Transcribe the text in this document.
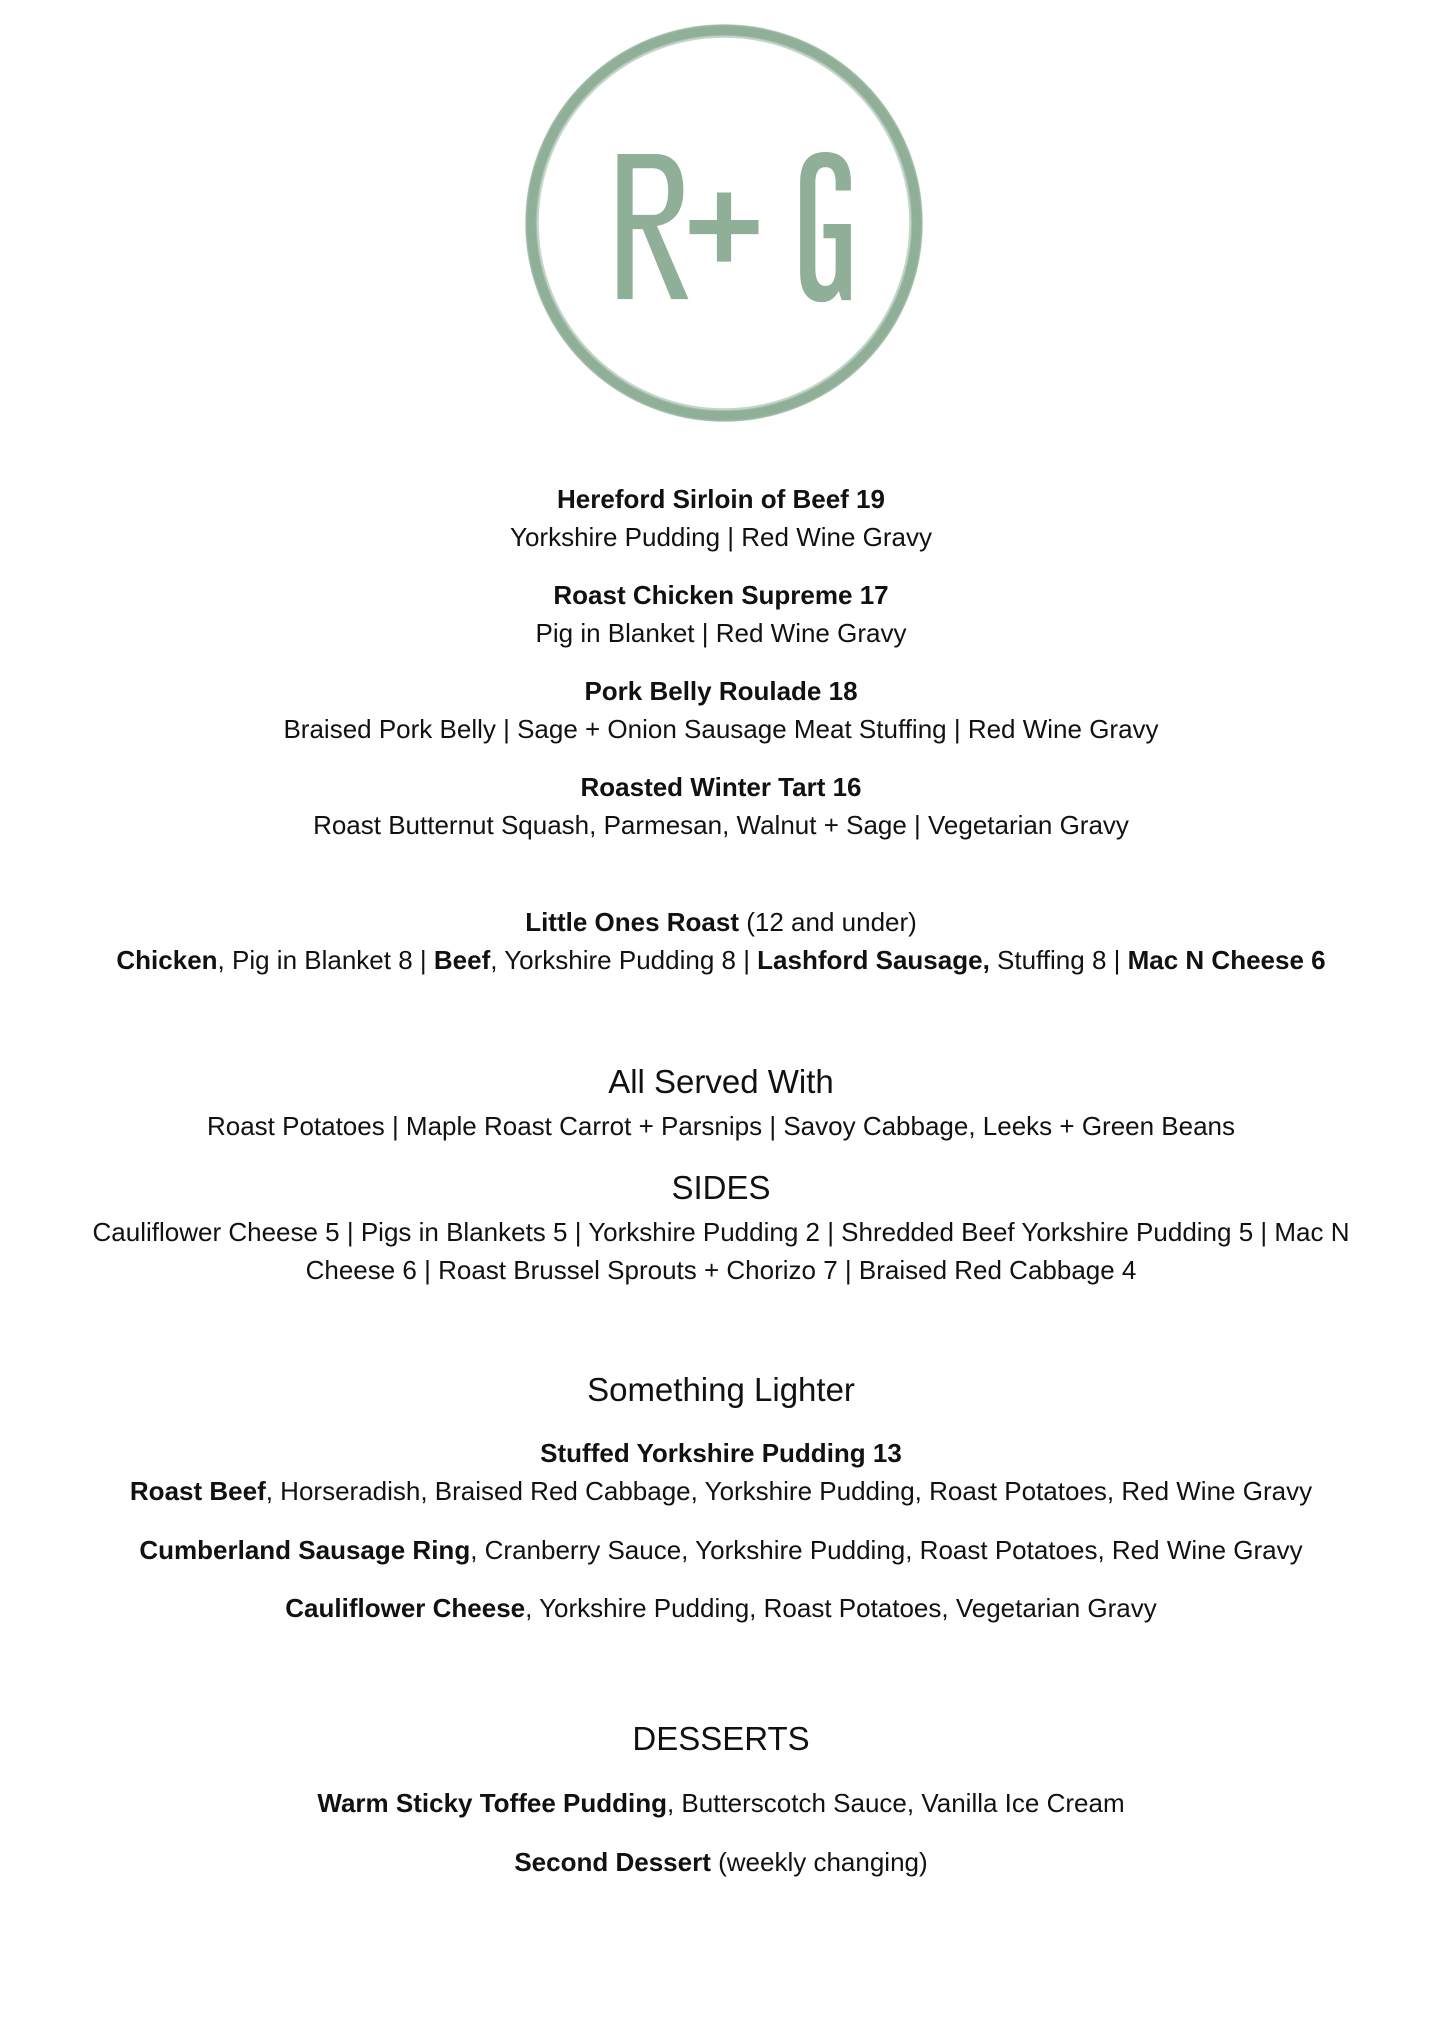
Hereford Sirloin of Beef 19
Yorkshire Pudding | Red Wine Gravy
Roast Chicken Supreme 17
Pig in Blanket | Red Wine Gravy
Pork Belly Roulade 18
Braised Pork Belly | Sage + Onion Sausage Meat Stuffing | Red Wine Gravy
Roasted Winter Tart 16
Roast Butternut Squash, Parmesan, Walnut + Sage | Vegetarian Gravy
Little Ones Roast (12 and under)
Chicken, Pig in Blanket 8 | Beef, Yorkshire Pudding 8 | Lashford Sausage, Stuffing 8 | Mac N Cheese 6
All Served With
Roast Potatoes | Maple Roast Carrot + Parsnips | Savoy Cabbage, Leeks + Green Beans
SIDES
Cauliflower Cheese 5 | Pigs in Blankets 5 | Yorkshire Pudding 2 | Shredded Beef Yorkshire Pudding 5 | Mac N
Cheese 6 | Roast Brussel Sprouts + Chorizo 7 | Braised Red Cabbage 4
Something Lighter
Stuffed Yorkshire Pudding 13
Roast Beef, Horseradish, Braised Red Cabbage, Yorkshire Pudding, Roast Potatoes, Red Wine Gravy
Cumberland Sausage Ring, Cranberry Sauce, Yorkshire Pudding, Roast Potatoes, Red Wine Gravy
Cauliflower Cheese, Yorkshire Pudding, Roast Potatoes, Vegetarian Gravy
DESSERTS
Warm Sticky Toffee Pudding, Butterscotch Sauce, Vanilla Ice Cream
Second Dessert (weekly changing)
